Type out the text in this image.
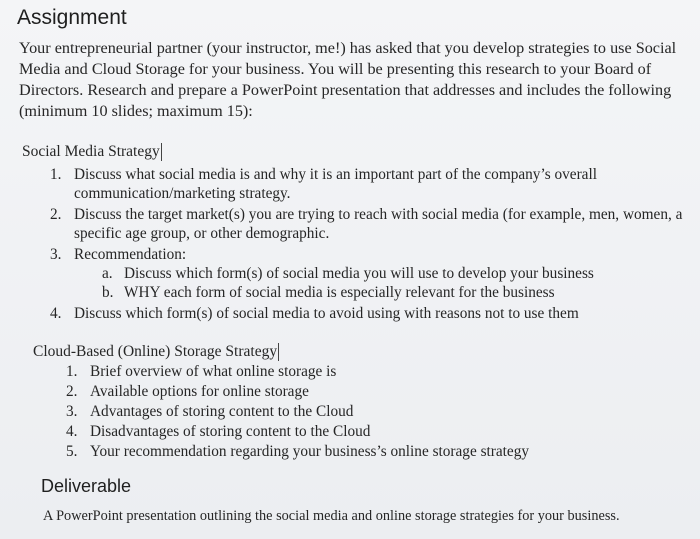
Assignment
Your entrepreneurial partner (your instructor, me!) has asked that you develop strategies to use Social Media and Cloud Storage for your business. You will be presenting this research to your Board of Directors. Research and prepare a PowerPoint presentation that addresses and includes the following (minimum 10 slides; maximum 15):
Social Media Strategy
1. Discuss what social media is and why it is an important part of the company’s overall communication/marketing strategy.
2. Discuss the target market(s) you are trying to reach with social media (for example, men, women, a specific age group, or other demographic.
3. Recommendation:
a. Discuss which form(s) of social media you will use to develop your business
b. WHY each form of social media is especially relevant for the business
4. Discuss which form(s) of social media to avoid using with reasons not to use them
Cloud-Based (Online) Storage Strategy
1. Brief overview of what online storage is
2. Available options for online storage
3. Advantages of storing content to the Cloud
4. Disadvantages of storing content to the Cloud
5. Your recommendation regarding your business’s online storage strategy
Deliverable
A PowerPoint presentation outlining the social media and online storage strategies for your business.
